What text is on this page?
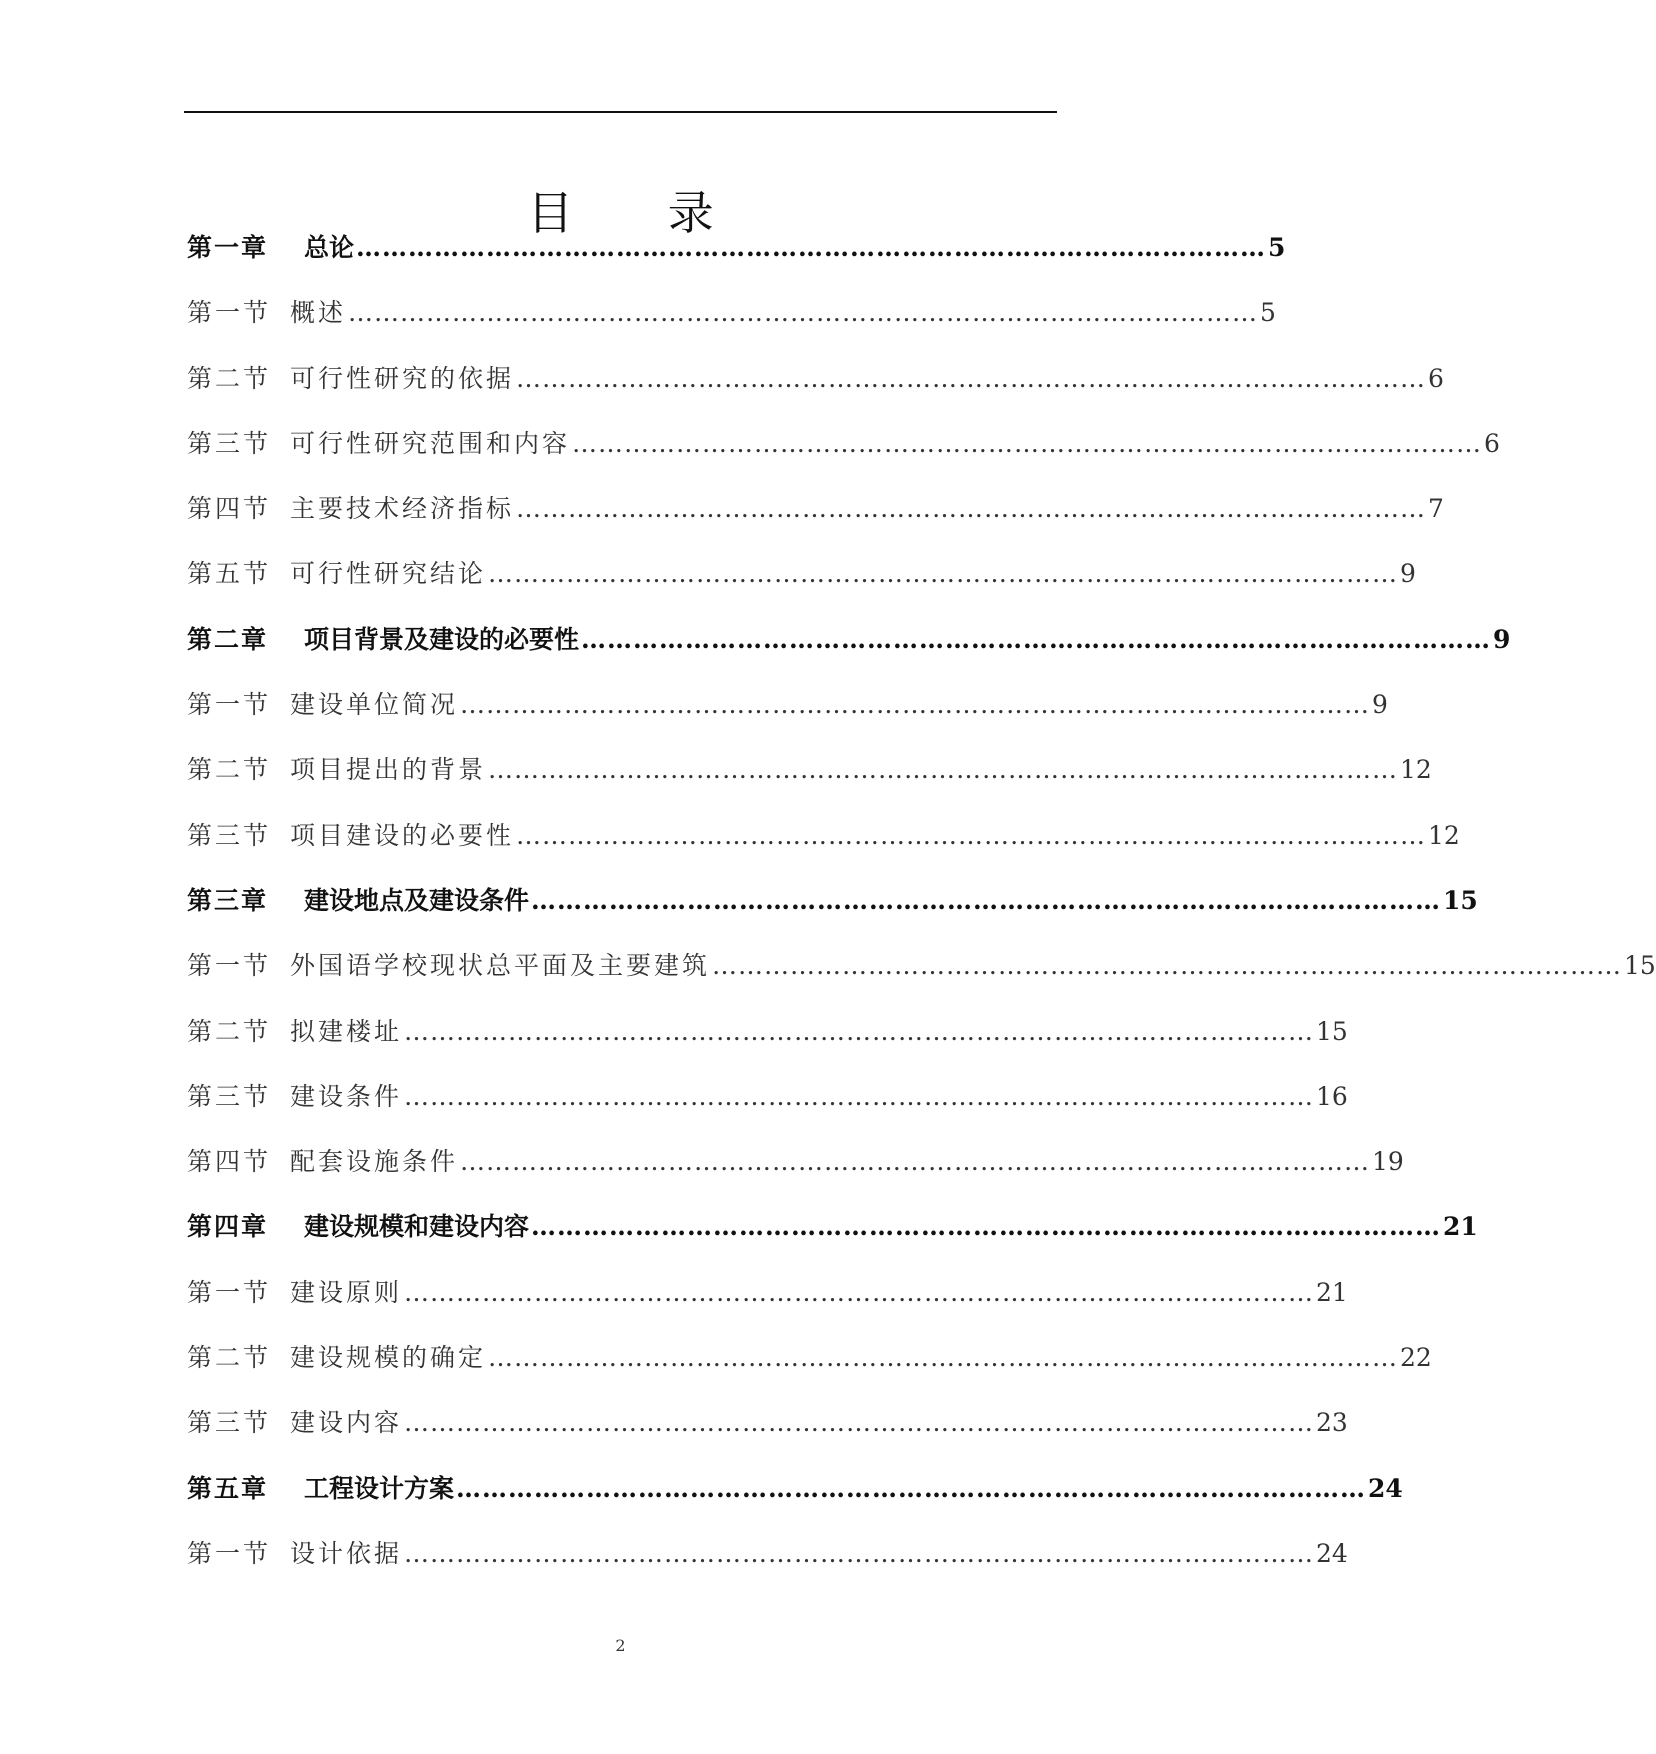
目 录
第一章	总论 …………………………………………………………………………………………… 5
第一节 概述 …………………………………………………………………………………………… 5
第二节 可行性研究的依据 …………………………………………………………………………………………… 6
第三节 可行性研究范围和内容 …………………………………………………………………………………………… 6
第四节 主要技术经济指标 …………………………………………………………………………………………… 7
第五节 可行性研究结论 …………………………………………………………………………………………… 9
第二章	项目背景及建设的必要性 …………………………………………………………………………………………… 9
第一节 建设单位简况 …………………………………………………………………………………………… 9
第二节 项目提出的背景 …………………………………………………………………………………………… 12
第三节 项目建设的必要性 …………………………………………………………………………………………… 12
第三章	建设地点及建设条件 …………………………………………………………………………………………… 15
第一节 外国语学校现状总平面及主要建筑 …………………………………………………………………………………………… 15
第二节 拟建楼址 …………………………………………………………………………………………… 15
第三节 建设条件 …………………………………………………………………………………………… 16
第四节 配套设施条件 …………………………………………………………………………………………… 19
第四章	建设规模和建设内容 …………………………………………………………………………………………… 21
第一节 建设原则 …………………………………………………………………………………………… 21
第二节 建设规模的确定 …………………………………………………………………………………………… 22
第三节 建设内容 …………………………………………………………………………………………… 23
第五章	工程设计方案 …………………………………………………………………………………………… 24
第一节 设计依据 …………………………………………………………………………………………… 24
2
